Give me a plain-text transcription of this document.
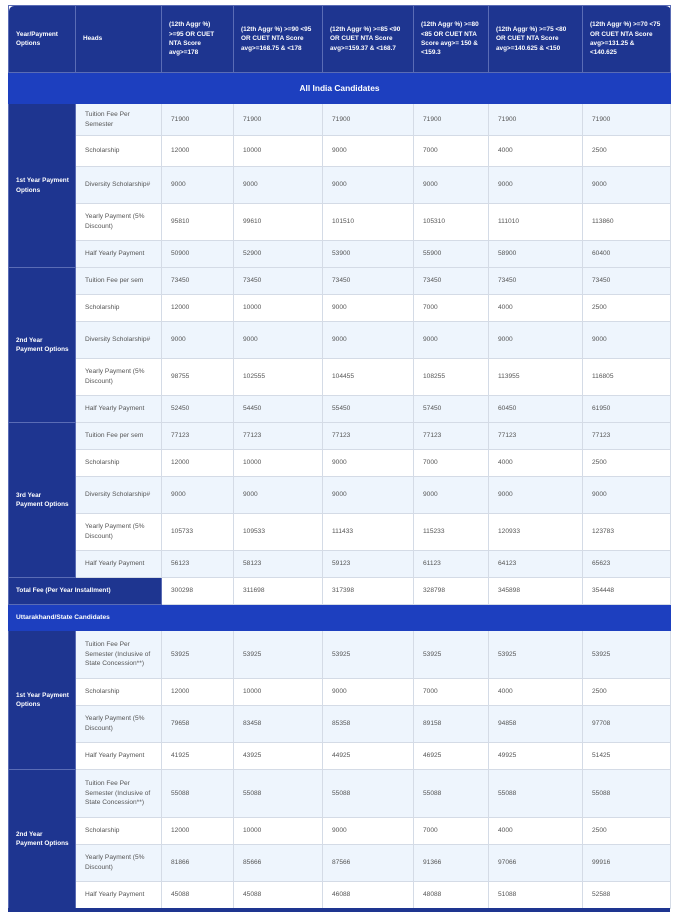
Year/Payment Options	Heads	(12th Aggr %) >=95 OR CUET NTA Score avg>=178	(12th Aggr %) >=90 <95 OR CUET NTA Score avg>=168.75 & <178	(12th Aggr %) >=85 <90 OR CUET NTA Score avg>=159.37 & <168.7	(12th Aggr %) >=80 <85 OR CUET NTA Score avg>= 150 & <159.3	(12th Aggr %) >=75 <80 OR CUET NTA Score avg>=140.625 & <150	(12th Aggr %) >=70 <75 OR CUET NTA Score avg>=131.25 & <140.625
All India Candidates							
1st Year Payment Options	Tuition Fee Per Semester	71900	71900	71900	71900	71900	71900
	Scholarship	12000	10000	9000	7000	4000	2500
	Diversity Scholarship#	9000	9000	9000	9000	9000	9000
	Yearly Payment (5% Discount)	95810	99610	101510	105310	111010	113860
	Half Yearly Payment	50900	52900	53900	55900	58900	60400
2nd Year Payment Options	Tuition Fee per sem	73450	73450	73450	73450	73450	73450
	Scholarship	12000	10000	9000	7000	4000	2500
	Diversity Scholarship#	9000	9000	9000	9000	9000	9000
	Yearly Payment (5% Discount)	98755	102555	104455	108255	113955	116805
	Half Yearly Payment	52450	54450	55450	57450	60450	61950
3rd Year Payment Options	Tuition Fee per sem	77123	77123	77123	77123	77123	77123
	Scholarship	12000	10000	9000	7000	4000	2500
	Diversity Scholarship#	9000	9000	9000	9000	9000	9000
	Yearly Payment (5% Discount)	105733	109533	111433	115233	120933	123783
	Half Yearly Payment	56123	58123	59123	61123	64123	65623
Total Fee (Per Year Installment)		300298	311698	317398	328798	345898	354448
Uttarakhand/State Candidates							
1st Year Payment Options	Tuition Fee Per Semester (Inclusive of State Concession**)	53925	53925	53925	53925	53925	53925
	Scholarship	12000	10000	9000	7000	4000	2500
	Yearly Payment (5% Discount)	79658	83458	85358	89158	94858	97708
	Half Yearly Payment	41925	43925	44925	46925	49925	51425
2nd Year Payment Options	Tuition Fee Per Semester (Inclusive of State Concession**)	55088	55088	55088	55088	55088	55088
	Scholarship	12000	10000	9000	7000	4000	2500
	Yearly Payment (5% Discount)	81866	85666	87566	91366	97066	99916
	Half Yearly Payment	45088	45088	46088	48088	51088	52588
